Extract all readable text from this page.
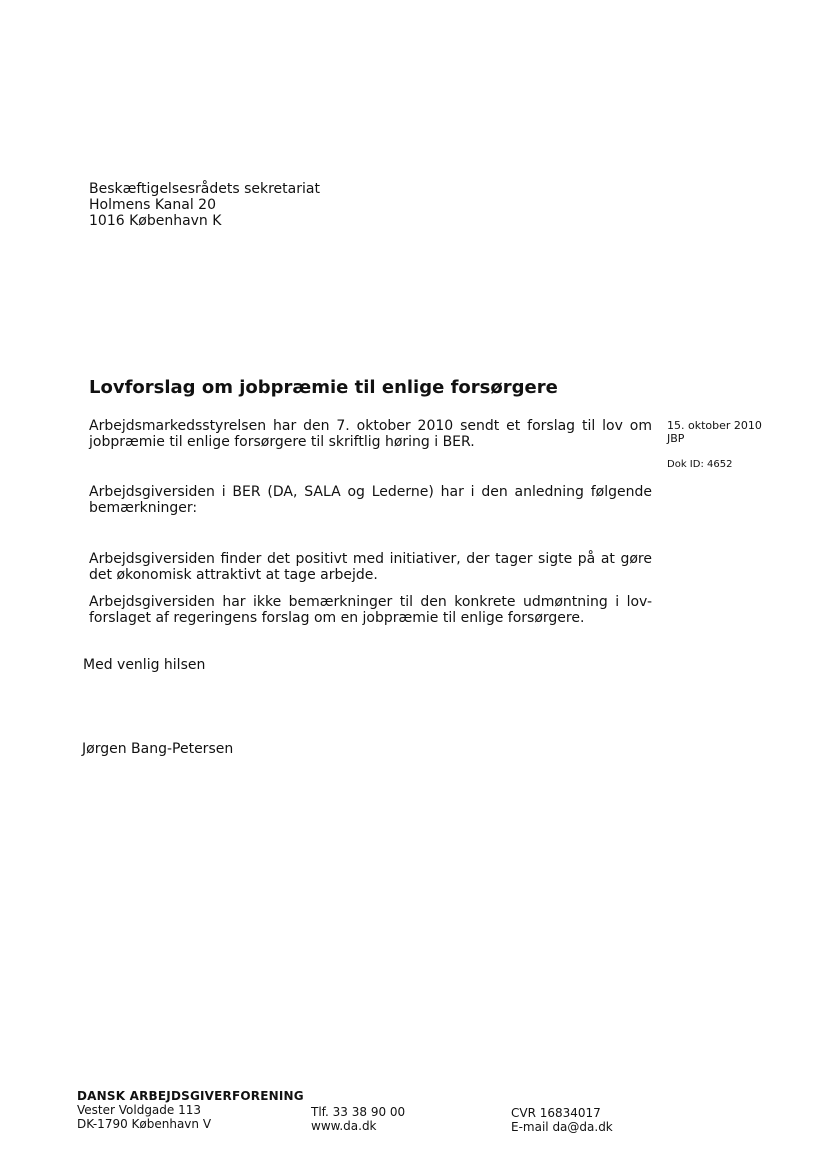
Beskæftigelsesrådets sekretariat
Holmens Kanal 20
1016 København K
Lovforslag om jobpræmie til enlige forsørgere
Arbejdsmarkedsstyrelsen har den 7. oktober 2010 sendt et forslag til lov om jobpræmie til enlige forsørgere til skriftlig høring i BER.
Arbejdsgiversiden i BER (DA, SALA og Lederne) har i den anledning følgende bemærkninger:
Arbejdsgiversiden finder det positivt med initiativer, der tager sigte på at gøre det økonomisk attraktivt at tage arbejde.
Arbejdsgiversiden har ikke bemærkninger til den konkrete udmøntning i lov-forslaget af regeringens forslag om en jobpræmie til enlige forsørgere.
15. oktober 2010
JBP
Dok ID: 4652
Med venlig hilsen
Jørgen Bang-Petersen
DANSK ARBEJDSGIVERFORENING
Vester Voldgade 113
DK-1790 København V
Tlf. 33 38 90 00
www.da.dk
CVR 16834017
E-mail da@da.dk
